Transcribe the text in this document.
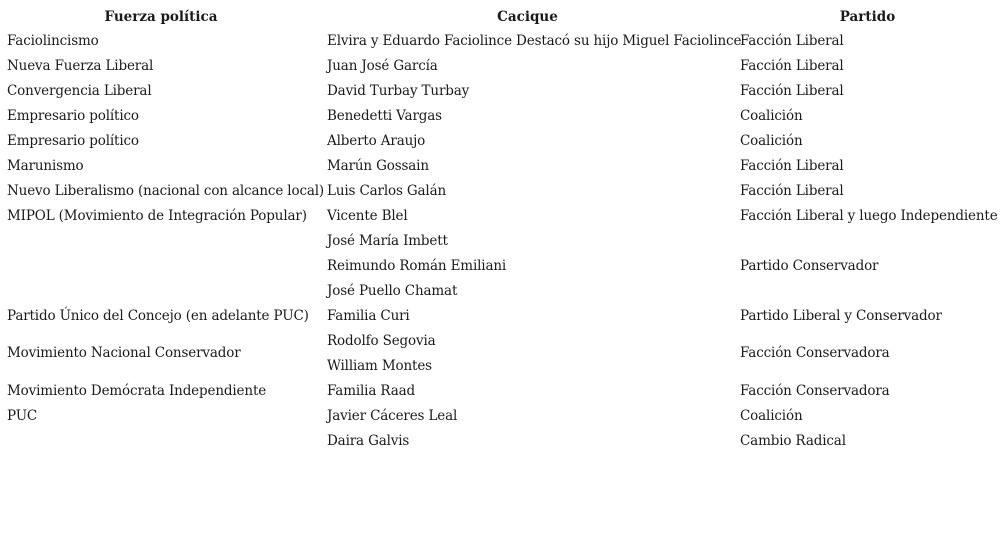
Fuerza política	Cacique	Partido
Faciolincismo	Elvira y Eduardo Faciolince Destacó su hijo Miguel Faciolince	Facción Liberal
Nueva Fuerza Liberal	Juan José García	Facción Liberal
Convergencia Liberal	David Turbay Turbay	Facción Liberal
Empresario político	Benedetti Vargas	Coalición
Empresario político	Alberto Araujo	Coalición
Marunismo	Marún Gossain	Facción Liberal
Nuevo Liberalismo (nacional con alcance local)	Luis Carlos Galán	Facción Liberal
MIPOL (Movimiento de Integración Popular)	Vicente Blel	Facción Liberal y luego Independiente
	José María Imbett	
	Reimundo Román Emiliani	Partido Conservador
	José Puello Chamat	
Partido Único del Concejo (en adelante PUC)	Familia Curi	Partido Liberal y Conservador
Movimiento Nacional Conservador	Rodolfo Segovia	Facción Conservadora
	William Montes	
Movimiento Demócrata Independiente	Familia Raad	Facción Conservadora
PUC	Javier Cáceres Leal	Coalición
	Daira Galvis	Cambio Radical
